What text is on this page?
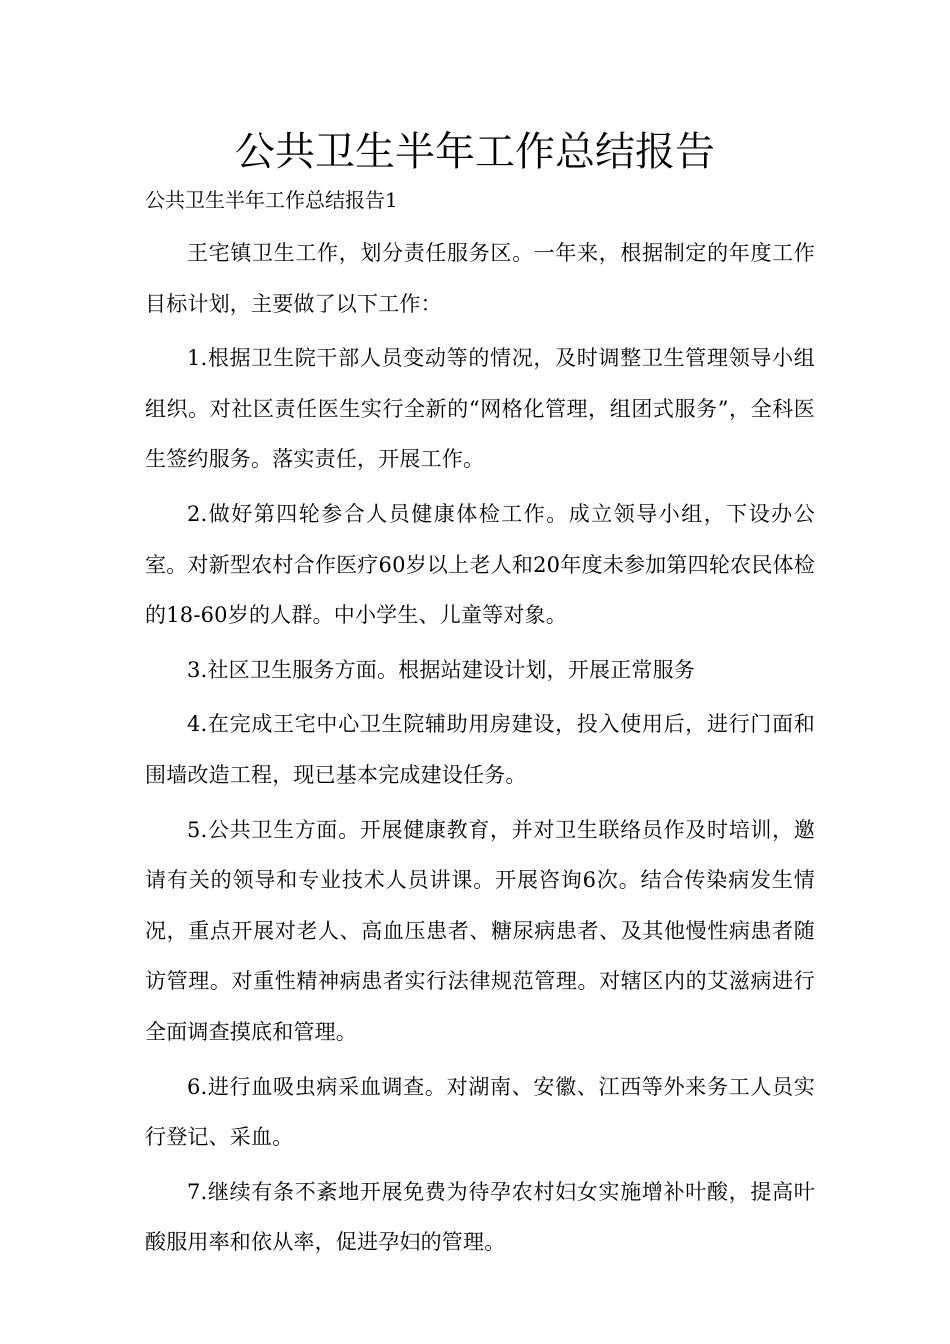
公共卫生半年工作总结报告

公共卫生半年工作总结报告1

王宅镇卫生工作，划分责任服务区。一年来，根据制定的年度工作目标计划，主要做了以下工作：

1.根据卫生院干部人员变动等的情况，及时调整卫生管理领导小组组织。对社区责任医生实行全新的“网格化管理，组团式服务”，全科医生签约服务。落实责任，开展工作。

2.做好第四轮参合人员健康体检工作。成立领导小组，下设办公室。对新型农村合作医疗60岁以上老人和20年度未参加第四轮农民体检的18-60岁的人群。中小学生、儿童等对象。

3.社区卫生服务方面。根据站建设计划，开展正常服务

4.在完成王宅中心卫生院辅助用房建设，投入使用后，进行门面和围墙改造工程，现已基本完成建设任务。

5.公共卫生方面。开展健康教育，并对卫生联络员作及时培训，邀请有关的领导和专业技术人员讲课。开展咨询6次。结合传染病发生情况，重点开展对老人、高血压患者、糖尿病患者、及其他慢性病患者随访管理。对重性精神病患者实行法律规范管理。对辖区内的艾滋病进行全面调查摸底和管理。

6.进行血吸虫病采血调查。对湖南、安徽、江西等外来务工人员实行登记、采血。

7.继续有条不紊地开展免费为待孕农村妇女实施增补叶酸，提高叶酸服用率和依从率，促进孕妇的管理。
